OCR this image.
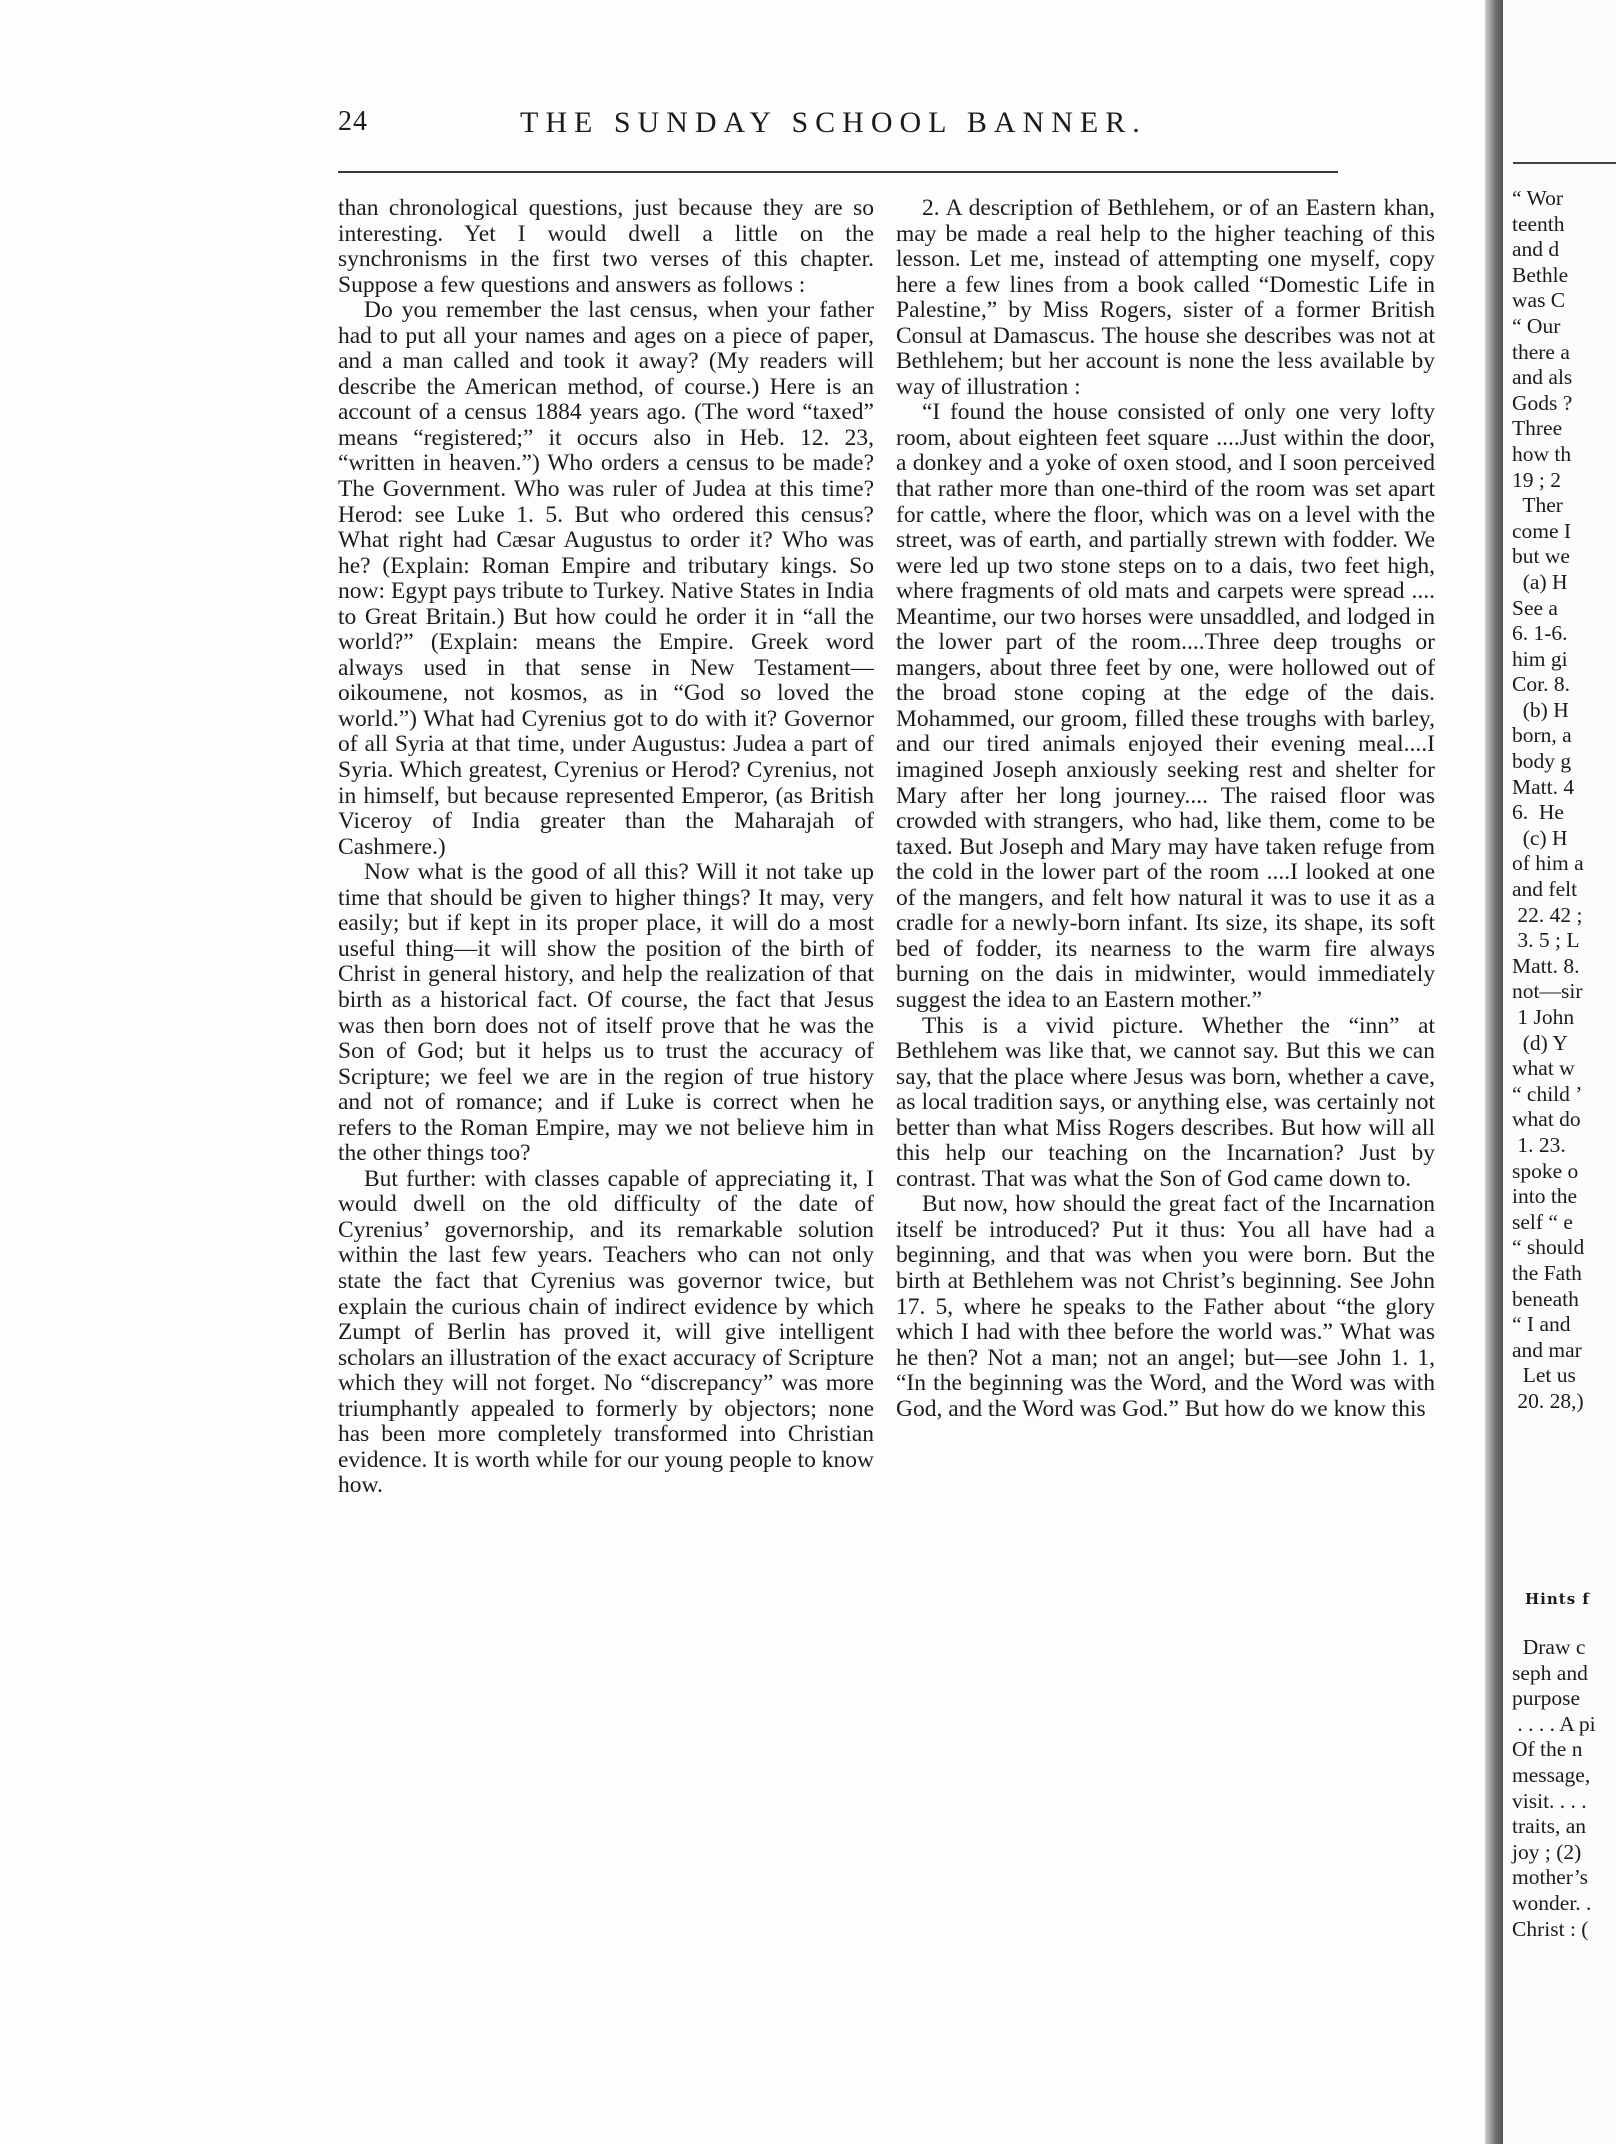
24	THE SUNDAY SCHOOL BANNER.

than chronological questions, just because they are so interesting. Yet I would dwell a little on the synchronisms in the first two verses of this chapter. Suppose a few questions and answers as follows :

Do you remember the last census, when your father had to put all your names and ages on a piece of paper, and a man called and took it away? (My readers will describe the American method, of course.) Here is an account of a census 1884 years ago. (The word “taxed” means “registered;” it occurs also in Heb. 12. 23, “written in heaven.”) Who orders a census to be made? The Government. Who was ruler of Judea at this time? Herod: see Luke 1. 5. But who ordered this census? What right had Cæsar Augustus to order it? Who was he? (Explain: Roman Empire and tributary kings. So now: Egypt pays tribute to Turkey. Native States in India to Great Britain.) But how could he order it in “all the world?” (Explain: means the Empire. Greek word always used in that sense in New Testament—oikoumene, not kosmos, as in “God so loved the world.”) What had Cyrenius got to do with it? Governor of all Syria at that time, under Augustus: Judea a part of Syria. Which greatest, Cyrenius or Herod? Cyrenius, not in himself, but because represented Emperor, (as British Viceroy of India greater than the Maharajah of Cashmere.)

Now what is the good of all this? Will it not take up time that should be given to higher things? It may, very easily; but if kept in its proper place, it will do a most useful thing—it will show the position of the birth of Christ in general history, and help the realization of that birth as a historical fact. Of course, the fact that Jesus was then born does not of itself prove that he was the Son of God; but it helps us to trust the accuracy of Scripture; we feel we are in the region of true history and not of romance; and if Luke is correct when he refers to the Roman Empire, may we not believe him in the other things too?

But further: with classes capable of appreciating it, I would dwell on the old difficulty of the date of Cyrenius’ governorship, and its remarkable solution within the last few years. Teachers who can not only state the fact that Cyrenius was governor twice, but explain the curious chain of indirect evidence by which Zumpt of Berlin has proved it, will give intelligent scholars an illustration of the exact accuracy of Scripture which they will not forget. No “discrepancy” was more triumphantly appealed to formerly by objectors; none has been more completely transformed into Christian evidence. It is worth while for our young people to know how.

2. A description of Bethlehem, or of an Eastern khan, may be made a real help to the higher teaching of this lesson. Let me, instead of attempting one myself, copy here a few lines from a book called “Domestic Life in Palestine,” by Miss Rogers, sister of a former British Consul at Damascus. The house she describes was not at Bethlehem; but her account is none the less available by way of illustration :

“I found the house consisted of only one very lofty room, about eighteen feet square ....Just within the door, a donkey and a yoke of oxen stood, and I soon perceived that rather more than one-third of the room was set apart for cattle, where the floor, which was on a level with the street, was of earth, and partially strewn with fodder. We were led up two stone steps on to a dais, two feet high, where fragments of old mats and carpets were spread .... Meantime, our two horses were unsaddled, and lodged in the lower part of the room....Three deep troughs or mangers, about three feet by one, were hollowed out of the broad stone coping at the edge of the dais. Mohammed, our groom, filled these troughs with barley, and our tired animals enjoyed their evening meal....I imagined Joseph anxiously seeking rest and shelter for Mary after her long journey.... The raised floor was crowded with strangers, who had, like them, come to be taxed. But Joseph and Mary may have taken refuge from the cold in the lower part of the room ....I looked at one of the mangers, and felt how natural it was to use it as a cradle for a newly-born infant. Its size, its shape, its soft bed of fodder, its nearness to the warm fire always burning on the dais in midwinter, would immediately suggest the idea to an Eastern mother.”

This is a vivid picture. Whether the “inn” at Bethlehem was like that, we cannot say. But this we can say, that the place where Jesus was born, whether a cave, as local tradition says, or anything else, was certainly not better than what Miss Rogers describes. But how will all this help our teaching on the Incarnation? Just by contrast. That was what the Son of God came down to.

But now, how should the great fact of the Incarnation itself be introduced? Put it thus: You all have had a beginning, and that was when you were born. But the birth at Bethlehem was not Christ’s beginning. See John 17. 5, where he speaks to the Father about “the glory which I had with thee before the world was.” What was he then? Not a man; not an angel; but—see John 1. 1, “In the beginning was the Word, and the Word was with God, and the Word was God.” But how do we know this

“ Wor
teenth
and d
Bethle
was C
“ Our
there a
and als
Gods ?
Three
how th
19 ; 2
Ther
come I
but we
(a) H
See a
6. 1-6.
him gi
Cor. 8.
(b) H
born, a
body g
Matt. 4
6.  He
(c) H
of him a
and felt
22. 42 ;
3. 5 ; L
Matt. 8.
not—sir
1 John
(d) Y
what w
“ child ’
what do
1. 23.
spoke o
into the
self “ e
“ should
the Fath
beneath
“ I and
and mar
Let us
20. 28,)
Hints f
Draw c
seph and
purpose
. . . . A pi
Of the n
message,
visit. . . .
traits, an
joy ; (2)
mother’s
wonder. .
Christ : (
